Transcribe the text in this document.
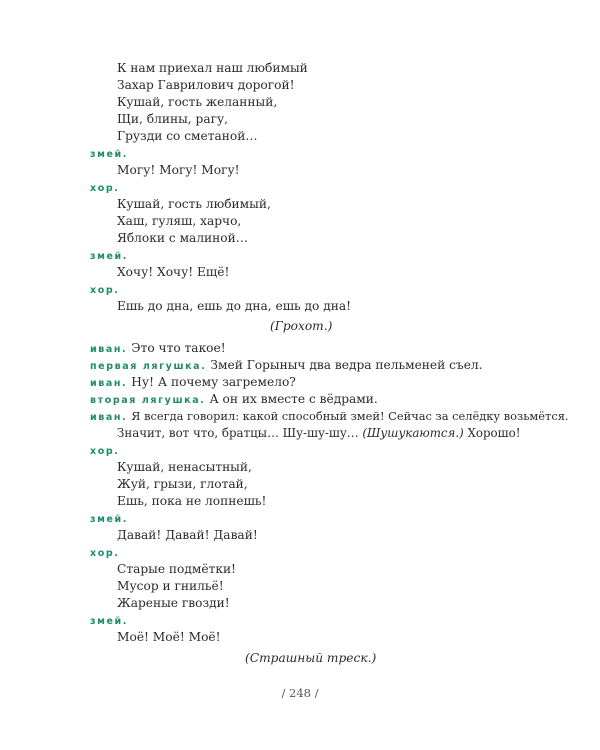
К нам приехал наш любимый
Захар Гаврилович дорогой!
Кушай, гость желанный,
Щи, блины, рагу,
Грузди со сметаной…
змей.
Могу! Могу! Могу!
хор.
Кушай, гость любимый,
Хаш, гуляш, харчо,
Яблоки с малиной…
змей.
Хочу! Хочу! Ещё!
хор.
Ешь до дна, ешь до дна, ешь до дна!
(Грохот.)
иван. Это что такое!
первая лягушка. Змей Горыныч два ведра пельменей съел.
иван. Ну! А почему загремело?
вторая лягушка. А он их вместе с вёдрами.
иван. Я всегда говорил: какой способный змей! Сейчас за селёдку возьмётся.
Значит, вот что, братцы… Шу-шу-шу… (Шушукаются.) Хорошо!
хор.
Кушай, ненасытный,
Жуй, грызи, глотай,
Ешь, пока не лопнешь!
змей.
Давай! Давай! Давай!
хор.
Старые подмётки!
Мусор и гнильё!
Жареные гвозди!
змей.
Моё! Моё! Моё!
(Страшный треск.)
/ 248 /
